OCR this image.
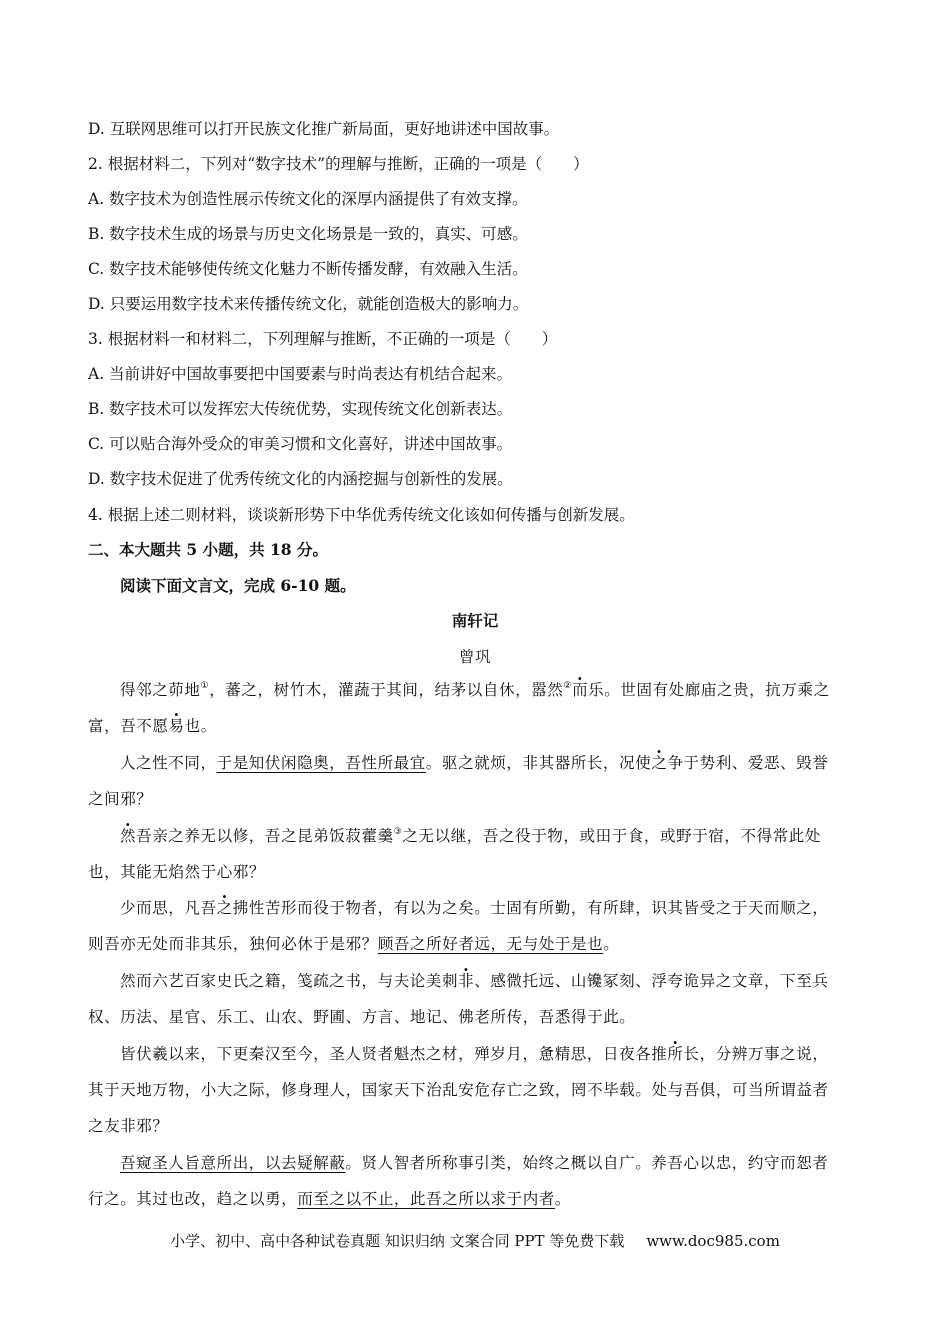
D. 互联网思维可以打开民族文化推广新局面，更好地讲述中国故事。
2. 根据材料二，下列对“数字技术”的理解与推断，正确的一项是（　　）
A. 数字技术为创造性展示传统文化的深厚内涵提供了有效支撑。
B. 数字技术生成的场景与历史文化场景是一致的，真实、可感。
C. 数字技术能够使传统文化魅力不断传播发酵，有效融入生活。
D. 只要运用数字技术来传播传统文化，就能创造极大的影响力。
3. 根据材料一和材料二，下列理解与推断，不正确的一项是（　　）
A. 当前讲好中国故事要把中国要素与时尚表达有机结合起来。
B. 数字技术可以发挥宏大传统优势，实现传统文化创新表达。
C. 可以贴合海外受众的审美习惯和文化喜好，讲述中国故事。
D. 数字技术促进了优秀传统文化的内涵挖掘与创新性的发展。
4. 根据上述二则材料，谈谈新形势下中华优秀传统文化该如何传播与创新发展。
二、本大题共 5 小题，共 18 分。
阅读下面文言文，完成 6-10 题。
南轩记
曾巩
得邻之茆地①，蕃之，树竹木，灌蔬于其间，结茅以自休，嚣然②而乐。世固有处廊庙之贵，抗万乘之
富，吾不愿易也。
人之性不同，于是知伏闲隐奥，吾性所最宜。驱之就烦，非其器所长，况使之争于势利、爱恶、毁誉
之间邪？
然吾亲之养无以修，吾之昆弟饭菽藿羹③之无以继，吾之役于物，或田于食，或野于宿，不得常此处
也，其能无焰然于心邪？
少而思，凡吾之拂性苦形而役于物者，有以为之矣。士固有所勤，有所肆，识其皆受之于天而顺之，
则吾亦无处而非其乐，独何必休于是邪？顾吾之所好者远，无与处于是也。
然而六艺百家史氏之籍，笺疏之书，与夫论美刺非、感微托远、山镵冢刻、浮夸诡异之文章，下至兵
权、历法、星官、乐工、山农、野圃、方言、地记、佛老所传，吾悉得于此。
皆伏羲以来，下更秦汉至今，圣人贤者魁杰之材，殚岁月，惫精思，日夜各推所长，分辨万事之说，
其于天地万物，小大之际，修身理人，国家天下治乱安危存亡之致，罔不毕载。处与吾俱，可当所谓益者
之友非邪？
吾窥圣人旨意所出，以去疑解蔽。贤人智者所称事引类，始终之概以自广。养吾心以忠，约守而恕者
行之。其过也改，趋之以勇，而至之以不止，此吾之所以求于内者。
小学、初中、高中各种试卷真题 知识归纳 文案合同 PPT 等免费下载 www.doc985.com
